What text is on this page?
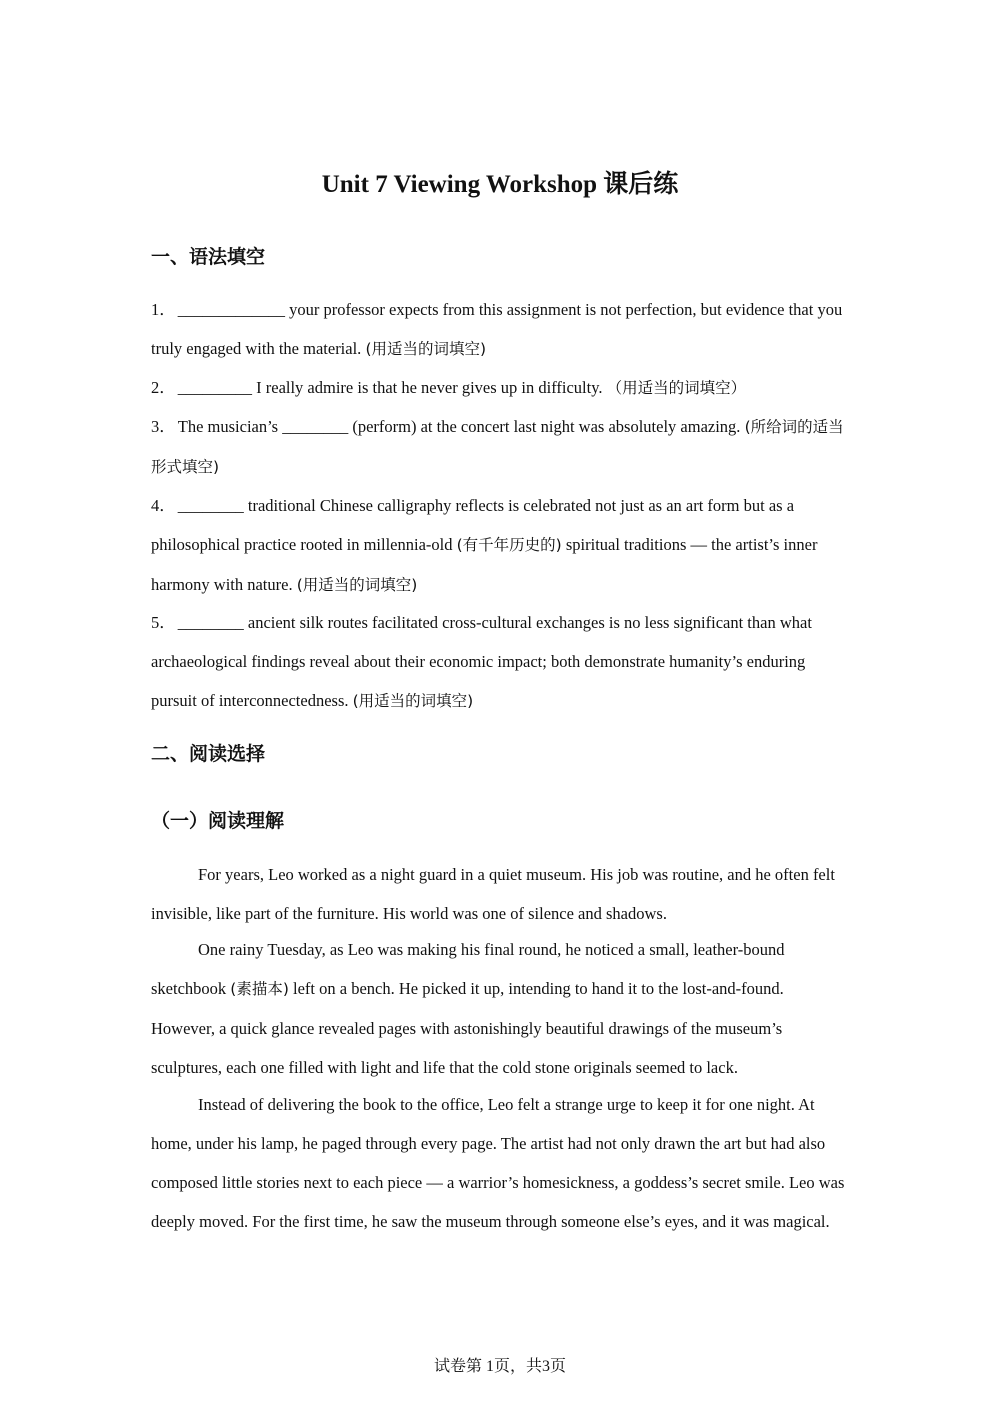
Unit 7 Viewing Workshop 课后练
一、语法填空
1． _____________ your professor expects from this assignment is not perfection, but evidence that you truly engaged with the material. (用适当的词填空)
2． _________ I really admire is that he never gives up in difficulty. （用适当的词填空）
3． The musician’s ________ (perform) at the concert last night was absolutely amazing. (所给词的适当形式填空)
4． ________ traditional Chinese calligraphy reflects is celebrated not just as an art form but as a philosophical practice rooted in millennia-old (有千年历史的) spiritual traditions — the artist’s inner harmony with nature. (用适当的词填空)
5． ________ ancient silk routes facilitated cross-cultural exchanges is no less significant than what archaeological findings reveal about their economic impact; both demonstrate humanity’s enduring pursuit of interconnectedness. (用适当的词填空)
二、阅读选择
（一）阅读理解
For years, Leo worked as a night guard in a quiet museum. His job was routine, and he often felt invisible, like part of the furniture. His world was one of silence and shadows.
One rainy Tuesday, as Leo was making his final round, he noticed a small, leather-bound sketchbook (素描本) left on a bench. He picked it up, intending to hand it to the lost-and-found. However, a quick glance revealed pages with astonishingly beautiful drawings of the museum’s sculptures, each one filled with light and life that the cold stone originals seemed to lack.
Instead of delivering the book to the office, Leo felt a strange urge to keep it for one night. At home, under his lamp, he paged through every page. The artist had not only drawn the art but had also composed little stories next to each piece — a warrior’s homesickness, a goddess’s secret smile. Leo was deeply moved. For the first time, he saw the museum through someone else’s eyes, and it was magical.
试卷第 1页，共3页
